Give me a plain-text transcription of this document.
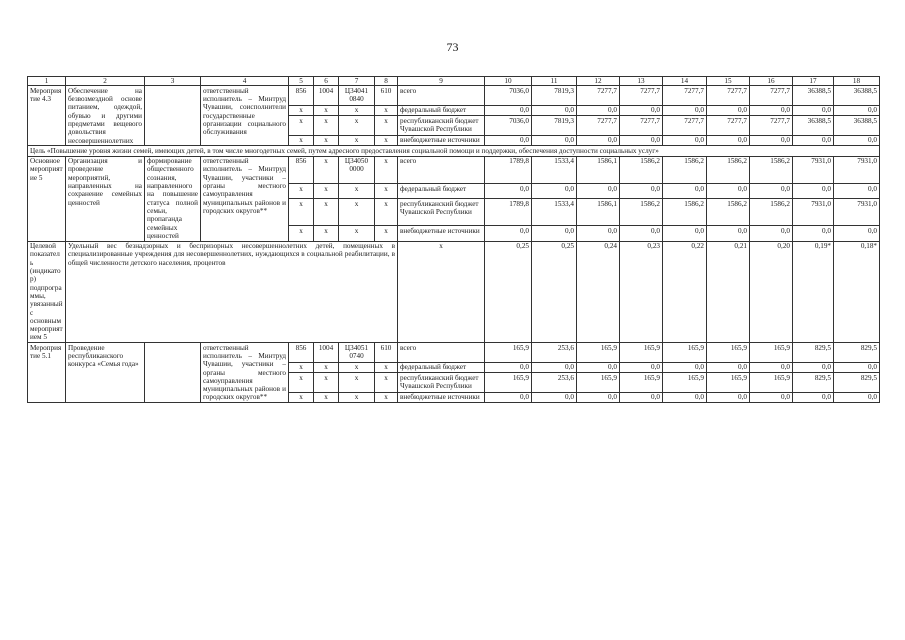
73
1	2	3	4	5	6	7	8	9	10	11	12	13	14	15	16	17	18
Мероприятие 4.3	Обеспечение на безвозмездной основе питанием, одеждой, обувью и другими предметами вещевого довольствия несовершеннолетних		ответственный исполнитель – Минтруд Чувашии, соисполнители государственные организации социального обслуживания	856	1004	Ц34041 0840	610	всего	7036,0	7819,3	7277,7	7277,7	7277,7	7277,7	7277,7	36388,5	36388,5
				x	x	x	x	федеральный бюджет	0,0	0,0	0,0	0,0	0,0	0,0	0,0	0,0	0,0
				x	x	x	x	республиканский бюджет Чувашской Республики	7036,0	7819,3	7277,7	7277,7	7277,7	7277,7	7277,7	36388,5	36388,5
				x	x	x	x	внебюджетные источники	0,0	0,0	0,0	0,0	0,0	0,0	0,0	0,0	0,0
Цель «Повышение уровня жизни семей, имеющих детей, в том числе многодетных семей, путем адресного предоставления социальной помощи и поддержки, обеспечения доступности социальных услуг»																	
Основное мероприятие 5	Организация и проведение мероприятий, направленных на сохранение семейных ценностей	формирование общественного сознания, направленного на повышение статуса полной семьи, пропаганда семейных ценностей	ответственный исполнитель – Минтруд Чувашии, участники – органы местного самоуправления муниципальных районов и городских округов**	856	x	Ц34050 0000	x	всего	1789,8	1533,4	1586,1	1586,2	1586,2	1586,2	1586,2	7931,0	7931,0
				x	x	x	x	федеральный бюджет	0,0	0,0	0,0	0,0	0,0	0,0	0,0	0,0	0,0
				x	x	x	x	республиканский бюджет Чувашской Республики	1789,8	1533,4	1586,1	1586,2	1586,2	1586,2	1586,2	7931,0	7931,0
				x	x	x	x	внебюджетные источники	0,0	0,0	0,0	0,0	0,0	0,0	0,0	0,0	0,0
Целевой показатель (индикатор) подпрограммы, увязанный с основным мероприятием 5	Удельный вес безнадзорных и беспризорных несовершеннолетних детей, помещенных в специализированные учреждения для несовершеннолетних, нуждающихся в социальной реабилитации, в общей численности детского населения, процентов							x	0,25	0,25	0,24	0,23	0,22	0,21	0,20	0,19*	0,18*
Мероприятие 5.1	Проведение республиканского конкурса «Семья года»		ответственный исполнитель – Минтруд Чувашии, участники – органы местного самоуправления муниципальных районов и городских округов**	856	1004	Ц34051 0740	610	всего	165,9	253,6	165,9	165,9	165,9	165,9	165,9	829,5	829,5
				x	x	x	x	федеральный бюджет	0,0	0,0	0,0	0,0	0,0	0,0	0,0	0,0	0,0
				x	x	x	x	республиканский бюджет Чувашской Республики	165,9	253,6	165,9	165,9	165,9	165,9	165,9	829,5	829,5
				x	x	x	x	внебюджетные источники	0,0	0,0	0,0	0,0	0,0	0,0	0,0	0,0	0,0
